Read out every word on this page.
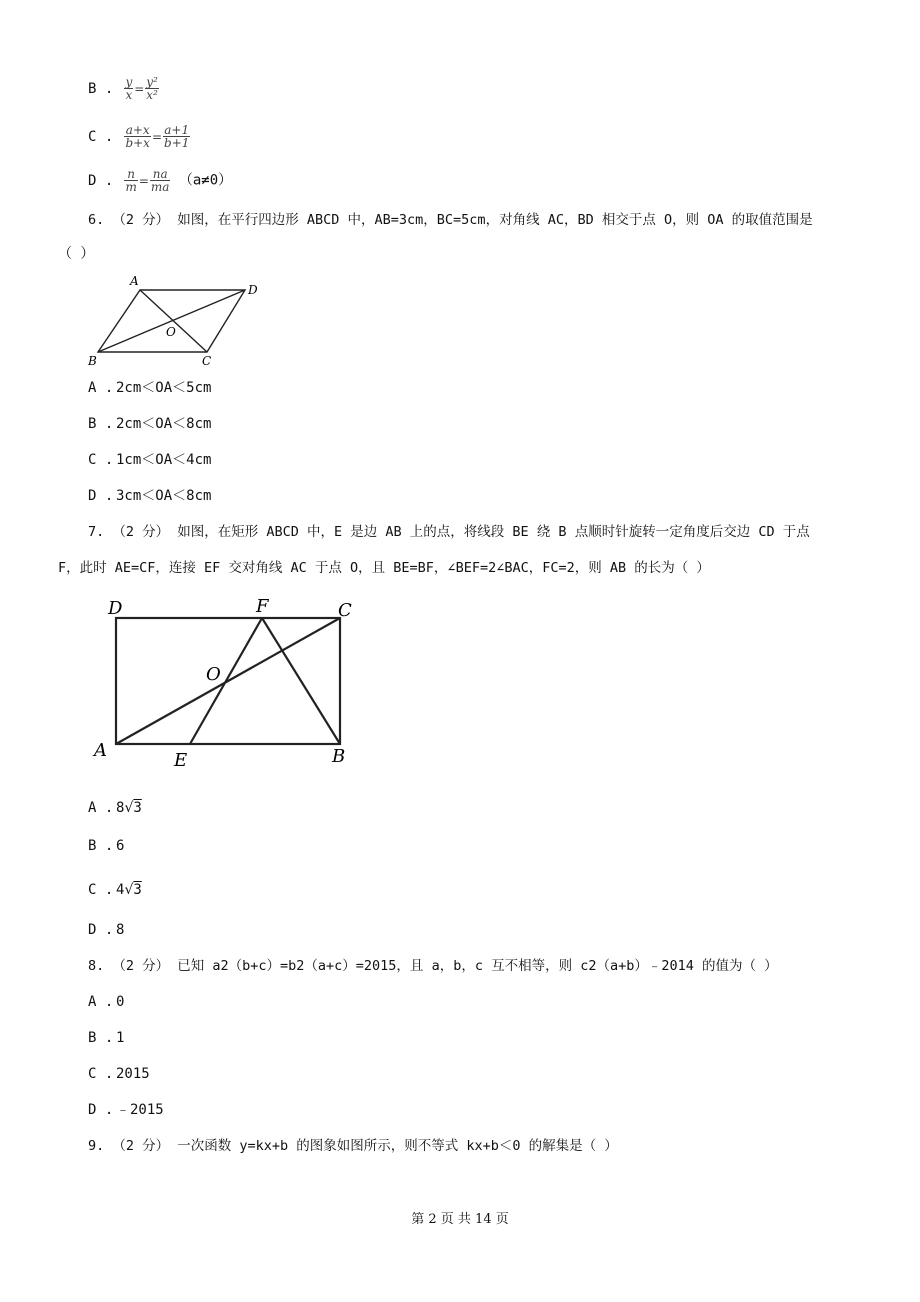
B . $\frac{y}{x} = \frac{\text{y²}}{\text{x²}}$
C . $\frac{a+x}{b+x} = \frac{a+1}{b+1}$
D . $\frac{n}{m} = \frac{na}{ma} (a\ne 0)$
6. （2 分） 如图，在平行四边形 ABCD 中，AB=3cm，BC=5cm，对角线 AC，BD 相交于点 O，则 OA 的取值范围是
（ ）
A
D
O
B	C
A . 2cm＜OA＜5cm
B . 2cm＜OA＜8cm
C . 1cm＜OA＜4cm
D . 3cm＜OA＜8cm
7. （2 分） 如图，在矩形 ABCD 中，E 是边 AB 上的点，将线段 BE 绕 B 点顺时针旋转一定角度后交边 CD 于点
F，此时 AE=CF，连接 EF 交对角线 AC 于点 O，且 BE=BF，∠BEF=2∠BAC，FC=2，则 AB 的长为（ ）
D	F	C
O
A	E	B
A . 8√3
B . 6
C . 4√3
D . 8
8. （2 分） 已知 a2（b+c）=b2（a+c）=2015，且 a，b，c 互不相等，则 c2（a+b）﹣2014 的值为（ ）
A . 0
B . 1
C . 2015
D . ﹣2015
9. （2 分） 一次函数 y=kx+b 的图象如图所示，则不等式 kx+b＜0 的解集是（ ）
第 2 页 共 14 页
